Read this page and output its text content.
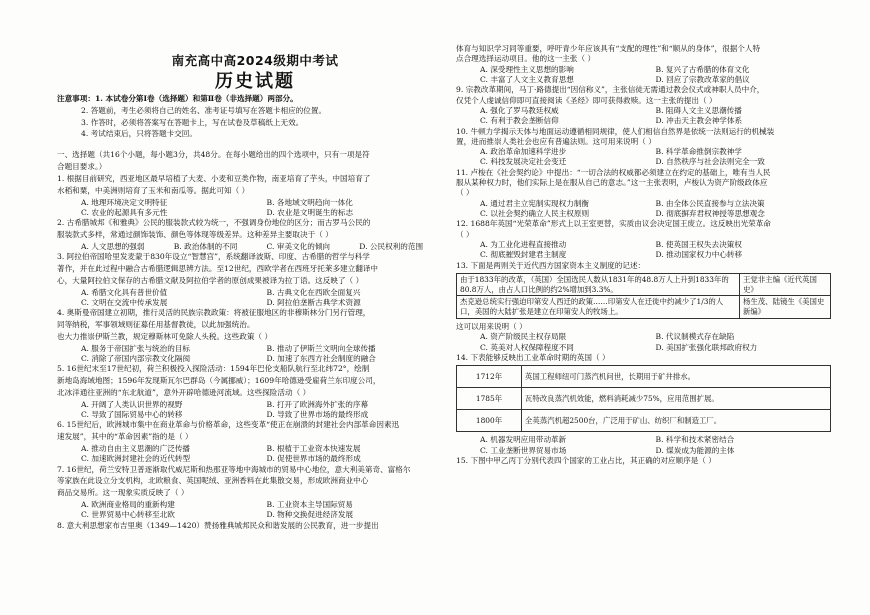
南充高中高2024级期中考试
历史试题
注意事项：1. 本试卷分第Ⅰ卷（选择题）和第Ⅱ卷（非选择题）两部分。
2. 答题前，考生必须将自己的姓名、准考证号填写在答题卡相应的位置。
3. 作答时，必须将答案写在答题卡上，写在试卷及草稿纸上无效。
4. 考试结束后，只将答题卡交回。
一、选择题（共16个小题，每小题3分，共48分。在每小题给出的四个选项中，只有一项是符
合题目要求。）
1. 根据目前研究，西亚地区最早培植了大麦、小麦和豆类作物，南亚培育了芋头，中国培育了
水稻和粟，中美洲则培育了玉米和南瓜等。据此可知（ ）
A. 地理环境决定文明特征	B. 各地域文明趋向一体化
C. 农业的起源具有多元性	D. 农业是文明诞生的标志
2. 古希腊城邦《和雅典》公民的服装款式较为统一，不强调身份地位的区分；而古罗马公民的
服装款式多样，常通过颜饰装饰、颜色等体现等级差异。这种差异主要取决于（ ）
A. 人文思想的强弱	B. 政治体制的不同	C. 审美文化的倾向	D. 公民权利的范围
3. 阿拉伯帝国哈里发麦蒙于830年设立“智慧宫”，系统翻译波斯、印度、古希腊的哲学与科学
著作，并在此过程中融合古希腊逻辑思辨方法。至12世纪，西欧学者在西班牙托莱多建立翻译中
心，大量阿拉伯文保存的古希腊文献及阿拉伯学者的原创成果被译为拉丁语。这反映了（ ）
A. 希腊文化具有普世价值	B. 古典文化在西欧全面复兴
C. 文明在交流中传承发展	D. 阿拉伯垄断古典学术资源
4. 奥斯曼帝国建立初期，推行灵活的民族宗教政策：将被征服地区的非穆斯林分门另行管理，
同等纳税，军事领域则征募任用基督教徒，以此加强统治。
也大力推崇伊斯兰教，规定穆斯林可免除人头税。这些政策（ ）
A. 服务于帝国扩张与统治的目标	B. 推动了伊斯兰文明向全球传播
C. 消除了帝国内部宗教文化隔阂	D. 加速了东西方社会制度的融合
5. 16世纪末至17世纪初，荷兰积极投入探险活动：1594年巴伦支船队航行至北纬72°，绘制
新地岛海域地图；1596年发现斯瓦尔巴群岛（今属挪威）；1609年哈德逊受雇荷兰东印度公司，
北冰洋通往亚洲的“东北航道”，意外开辟哈德逊河流域。这些探险活动（ ）
A. 开阔了人类认识世界的视野	B. 打开了欧洲海外扩张的序幕
C. 导致了国际贸易中心的转移	D. 导致了世界市场的最终形成
6. 15世纪后，欧洲城市集中在商业革命与价格革命，这些变革“使正在崩溃的封建社会内部革命因素迅
速发展”，其中的“革命因素”指的是（ ）
A. 推动自由主义思潮的广泛传播	B. 根植于工业资本快速发展
C. 加速欧洲封建社会的近代转型	D. 促使世界市场的最终形成
7. 16世纪，荷兰安特卫普逐渐取代威尼斯和热那亚等地中海城市的贸易中心地位，意大利美第奇、富格尔
等家族在此设立分支机构，北欧粮食、英国呢绒、亚洲香料在此集散交易，形成欧洲商业中心
商品交易所。这一现象实质反映了（ ）
A. 欧洲商业格局的重新构建	B. 工业资本主导国际贸易
C. 世界贸易中心转移至北欧	D. 物种交换促进经济发展
8. 意大利思想家布吉里奥（1349—1420）赞扬雅典城邦民众和谐发展的公民教育，进一步提出
体育与知识学习同等重要，呼吁青少年应该具有“支配的理性”和“顺从的身体”，很据个人特
点合理选择运动项目。他的这一主张（ ）
A. 深受理性主义思想的影响	B. 复兴了古希腊的体育文化
C. 丰富了人文主义教育思想	D. 回应了宗教改革家的倡议
9. 宗教改革期间，马丁·路德提出“因信称义”，主张信徒无需通过教会仪式或神职人员中介，
仅凭个人虔诚信仰即可直接阅读《圣经》即可获得救赎。这一主张的提出（ ）
A. 强化了罗马教廷权威	B. 阻碍人文主义思潮传播
C. 有利于教会垄断信仰	D. 冲击天主教会神学体系
10. 牛顿力学揭示天体与地面运动遵循相同规律，使人们相信自然界是依统一法则运行的机械装
置，进而推崇人类社会也应有普遍法则。这可用来说明（ ）
A. 政治革命加速科学进步	B. 科学革命推倒宗教神学
C. 科技发展决定社会变迁	D. 自然秩序与社会法则完全一致
11. 卢梭在《社会契约论》中提出：“一切合法的权威都必须建立在约定的基础上，唯有当人民
服从某种权力时，他们实际上是在服从自己的意志。”这一主张表明，卢梭认为资产阶级政体应
（ ）
A. 通过君主立宪制实现权力制衡	B. 由全体公民直接参与立法决策
C. 以社会契约确立人民主权原则	D. 彻底摒弃君权神授等思想观念
12. 1688年英国“光荣革命”形式上以王室更替，实质由议会决定国王废立。这反映出光荣革命
（ ）
A. 为工业化进程直接推动	B. 使英国王权失去决策权
C. 彻底摧毁封建君主制度	D. 推动国家权力中心转移
13. 下面是两则关于近代西方国家资本主义制度的记述：
由于1833年的改革，（英国）全国选民人数从1831年的48.8万人上升到1833年的80.8万人，由占人口比例的约2%增加到3.3%。	王觉非主编《近代英国史》
杰克逊总统实行强迫印第安人西迁的政策……印第安人在迁徙中约减少了1/3的人口，美国的大陆扩张是建立在印第安人的牧场上。	杨生茂、陆镜生《美国史新编》
这可以用来说明（ ）
A. 资产阶级民主权存局限	B. 代议制模式存在缺陷
C. 英美对人权保障程度不同	D. 美国扩张强化联邦政府权力
14. 下表能够反映出工业革命时期的英国（ ）
1712年	英国工程师纽可门蒸汽机问世，长期用于矿井排水。
1785年	瓦特改良蒸汽机效能，燃料消耗减少75%，应用范围扩展。
1800年	全英蒸汽机超2500台，广泛用于矿山、纺织厂和制造工厂。
A. 机器发明应用带动革新	B. 科学和技术紧密结合
C. 工业垄断世界贸易市场	D. 煤炭成为能源的主体
15. 下图中甲乙丙丁分别代表四个国家的工业占比，其正确的对应顺序是（ ）
